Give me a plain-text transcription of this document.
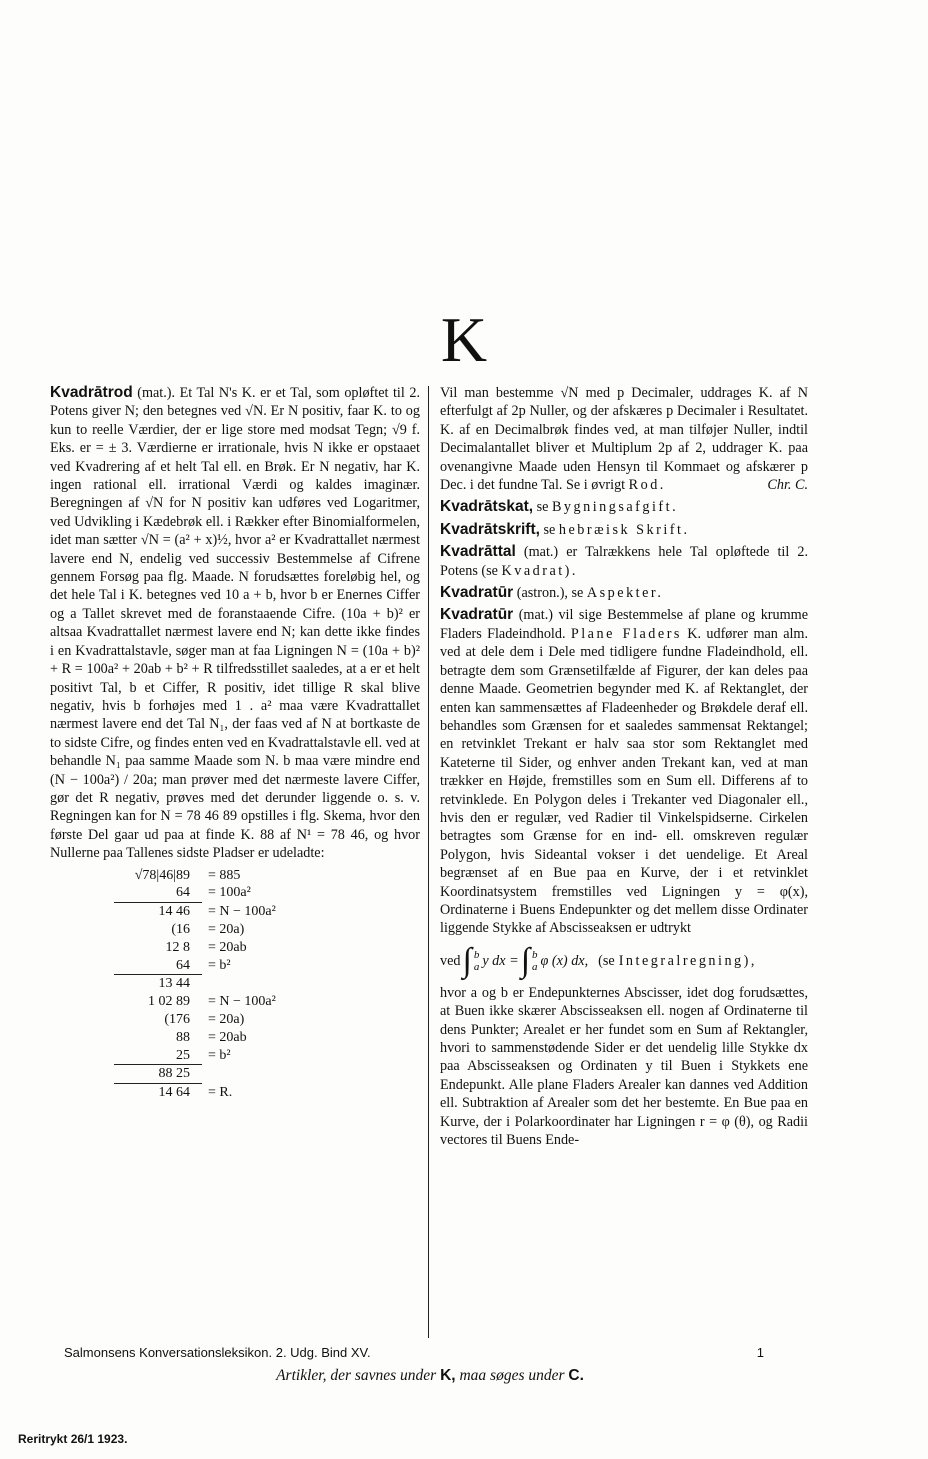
K

Kvadrātrod (mat.). Et Tal N's K. er et Tal, som opløftet til 2. Potens giver N; den betegnes ved √N. Er N positiv, faar K. to og kun to reelle Værdier, der er lige store med modsat Tegn; √9 f. Eks. er = ± 3. Værdierne er irrationale, hvis N ikke er opstaaet ved Kvadrering af et helt Tal ell. en Brøk. Er N negativ, har K. ingen rational ell. irrational Værdi og kaldes imaginær. Beregningen af √N for N positiv kan udføres ved Logaritmer, ved Udvikling i Kædebrøk ell. i Rækker efter Binomialformelen, idet man sætter √N = (a² + x)½, hvor a² er Kvadrattallet nærmest lavere end N, endelig ved successiv Bestemmelse af Cifrene gennem Forsøg paa flg. Maade. N forudsættes foreløbig hel, og det hele Tal i K. betegnes ved 10 a + b, hvor b er Enernes Ciffer og a Tallet skrevet med de foranstaaende Cifre. (10a + b)² er altsaa Kvadrattallet nærmest lavere end N; kan dette ikke findes i en Kvadrattalstavle, søger man at faa Ligningen N = (10a + b)² + R = 100a² + 20ab + b² + R tilfredsstillet saaledes, at a er et helt positivt Tal, b et Ciffer, R positiv, idet tillige R skal blive negativ, hvis b forhøjes med 1 . a² maa være Kvadrattallet nærmest lavere end det Tal N₁, der faas ved af N at bortkaste de to sidste Cifre, og findes enten ved en Kvadrattalstavle ell. ved at behandle N₁ paa samme Maade som N. b maa være mindre end (N − 100a²) / 20a; man prøver med det nærmeste lavere Ciffer, gør det R negativ, prøves med det derunder liggende o. s. v. Regningen kan for N = 78 46 89 opstilles i flg. Skema, hvor den første Del gaar ud paa at finde K. 88 af N¹ = 78 46, og hvor Nullerne paa Tallenes sidste Pladser er udeladte:

√78|46|89	= 885
64	= 100a²
14 46	= N − 100a²
(16	= 20a)
12 8	= 20ab
64	= b²
13 44
1 02 89	= N − 100a²
(176	= 20a)
88	= 20ab
25	= b²
88 25
14 64	= R.

Vil man bestemme √N med p Decimaler, uddrages K. af N efterfulgt af 2p Nuller, og der afskæres p Decimaler i Resultatet. K. af en Decimalbrøk findes ved, at man tilføjer Nuller, indtil Decimalantallet bliver et Multiplum 2p af 2, uddrager K. paa ovenangivne Maade uden Hensyn til Kommaet og afskærer p Dec. i det fundne Tal. Se i øvrigt Rod.	Chr. C.

Kvadrātskat, se Bygningsafgift.

Kvadrātskrift, se hebræisk Skrift.

Kvadrāttal (mat.) er Talrækkens hele Tal opløftede til 2. Potens (se Kvadrat).

Kvadratūr (astron.), se Aspekter.

Kvadratūr (mat.) vil sige Bestemmelse af plane og krumme Fladers Fladeindhold. Plane Fladers K. udfører man alm. ved at dele dem i Dele med tidligere fundne Fladeindhold, ell. betragte dem som Grænsetilfælde af Figurer, der kan deles paa denne Maade. Geometrien begynder med K. af Rektanglet, der enten kan sammensættes af Fladeenheder og Brøkdele deraf ell. behandles som Grænsen for et saaledes sammensat Rektangel; en retvinklet Trekant er halv saa stor som Rektanglet med Kateterne til Sider, og enhver anden Trekant kan, ved at man trækker en Højde, fremstilles som en Sum ell. Differens af to retvinklede. En Polygon deles i Trekanter ved Diagonaler ell., hvis den er regulær, ved Radier til Vinkelspidserne. Cirkelen betragtes som Grænse for en ind- ell. omskreven regulær Polygon, hvis Sideantal vokser i det uendelige. Et Areal begrænset af en Bue paa en Kurve, der i et retvinklet Koordinatsystem fremstilles ved Ligningen y = φ(x), Ordinaterne i Buens Endepunkter og det mellem disse Ordinater liggende Stykke af Abscisseaksen er udtrykt

ved ∫ b
a y dx = ∫ b
a φ (x) dx, (se Integralregning),

hvor a og b er Endepunkternes Abscisser, idet dog forudsættes, at Buen ikke skærer Abscisseaksen ell. nogen af Ordinaterne til dens Punkter; Arealet er her fundet som en Sum af Rektangler, hvori to sammenstødende Sider er det uendelig lille Stykke dx paa Abscisseaksen og Ordinaten y til Buen i Stykkets ene Endepunkt. Alle plane Fladers Arealer kan dannes ved Addition ell. Subtraktion af Arealer som det her bestemte. En Bue paa en Kurve, der i Polarkoordinater har Ligningen r = φ (θ), og Radii vectores til Buens Ende-

Salmonsens Konversationsleksikon. 2. Udg. Bind XV.	1
Artikler, der savnes under K, maa søges under C.
Reritrykt 26/1 1923.
